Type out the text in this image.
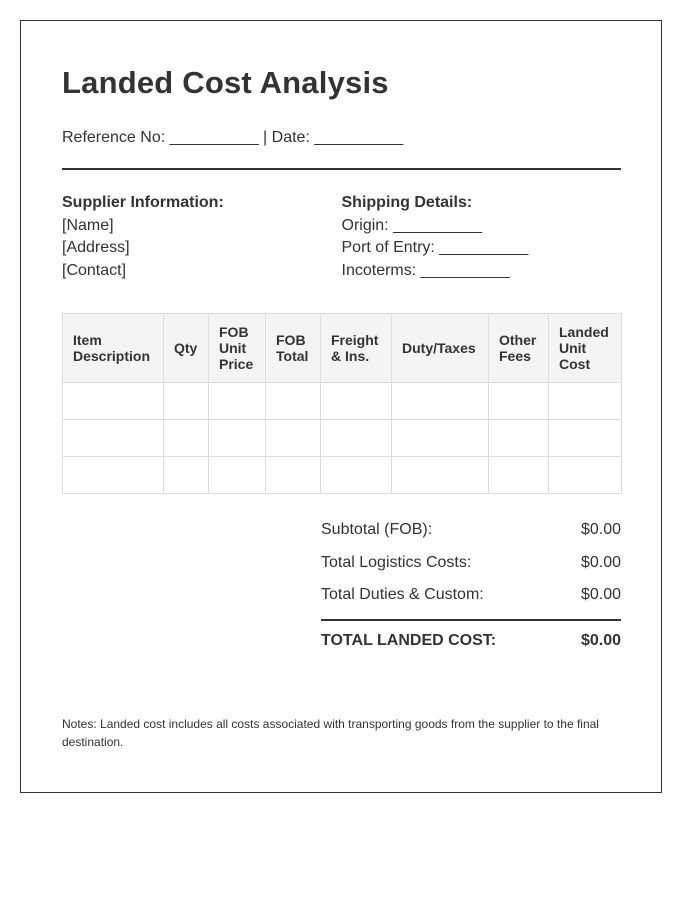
Landed Cost Analysis
Reference No: __________ | Date: __________
Supplier Information:
[Name]
[Address]
[Contact]
Shipping Details:
Origin: __________
Port of Entry: __________
Incoterms: __________
Item Description	Qty	FOB Unit Price	FOB Total	Freight & Ins.	Duty/Taxes	Other Fees	Landed Unit Cost

Subtotal (FOB):	$0.00
Total Logistics Costs:	$0.00
Total Duties & Custom:	$0.00
TOTAL LANDED COST:	$0.00
Notes: Landed cost includes all costs associated with transporting goods from the supplier to the final destination.
